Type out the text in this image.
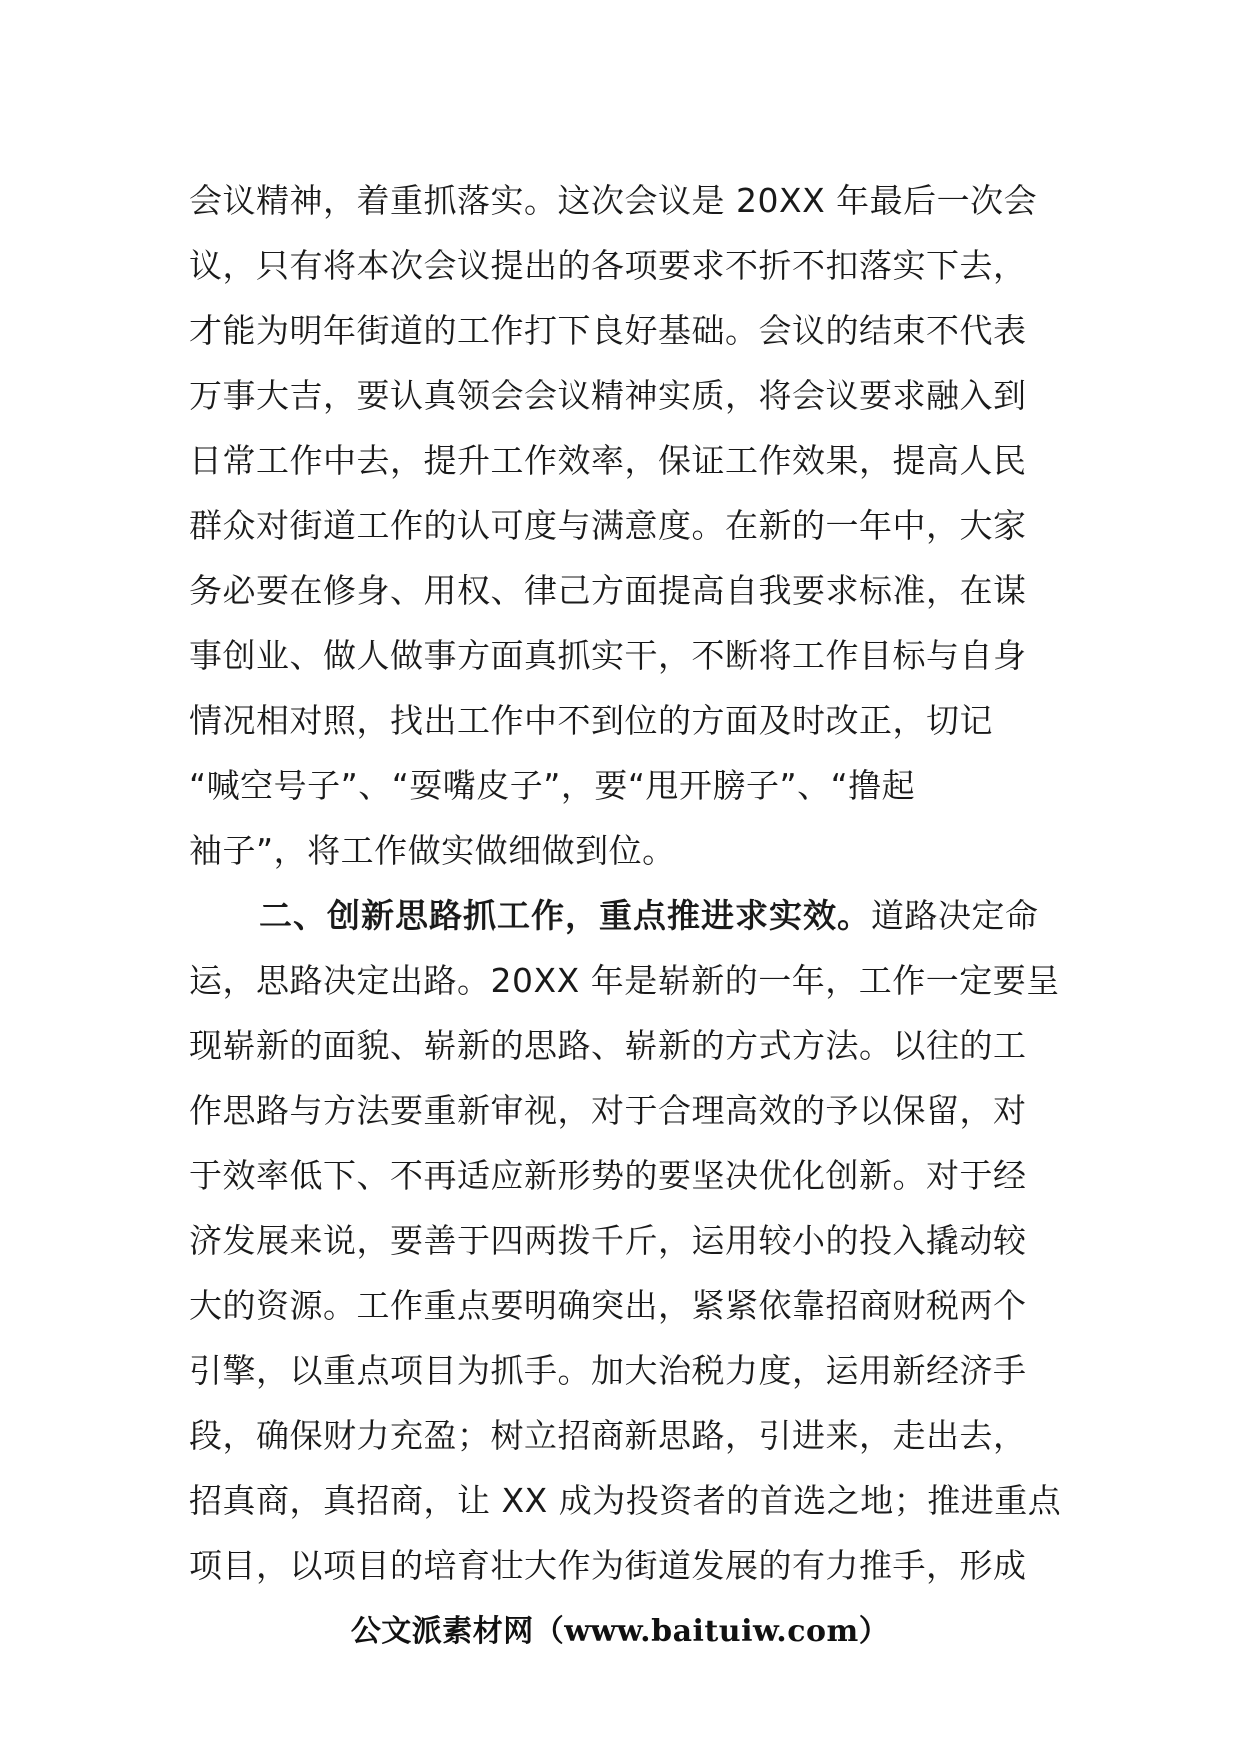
会议精神，着重抓落实。这次会议是 20XX 年最后一次会
议，只有将本次会议提出的各项要求不折不扣落实下去，
才能为明年街道的工作打下良好基础。会议的结束不代表
万事大吉，要认真领会会议精神实质，将会议要求融入到
日常工作中去，提升工作效率，保证工作效果，提高人民
群众对街道工作的认可度与满意度。在新的一年中，大家
务必要在修身、用权、律己方面提高自我要求标准，在谋
事创业、做人做事方面真抓实干，不断将工作目标与自身
情况相对照，找出工作中不到位的方面及时改正，切记
“喊空号子”、“耍嘴皮子”，要“甩开膀子”、“撸起
袖子”，将工作做实做细做到位。

二、创新思路抓工作，重点推进求实效。道路决定命
运，思路决定出路。20XX 年是崭新的一年，工作一定要呈
现崭新的面貌、崭新的思路、崭新的方式方法。以往的工
作思路与方法要重新审视，对于合理高效的予以保留，对
于效率低下、不再适应新形势的要坚决优化创新。对于经
济发展来说，要善于四两拨千斤，运用较小的投入撬动较
大的资源。工作重点要明确突出，紧紧依靠招商财税两个
引擎，以重点项目为抓手。加大治税力度，运用新经济手
段，确保财力充盈；树立招商新思路，引进来，走出去，
招真商，真招商，让 XX 成为投资者的首选之地；推进重点
项目，以项目的培育壮大作为街道发展的有力推手，形成

公文派素材网（www.baituiw.com）
